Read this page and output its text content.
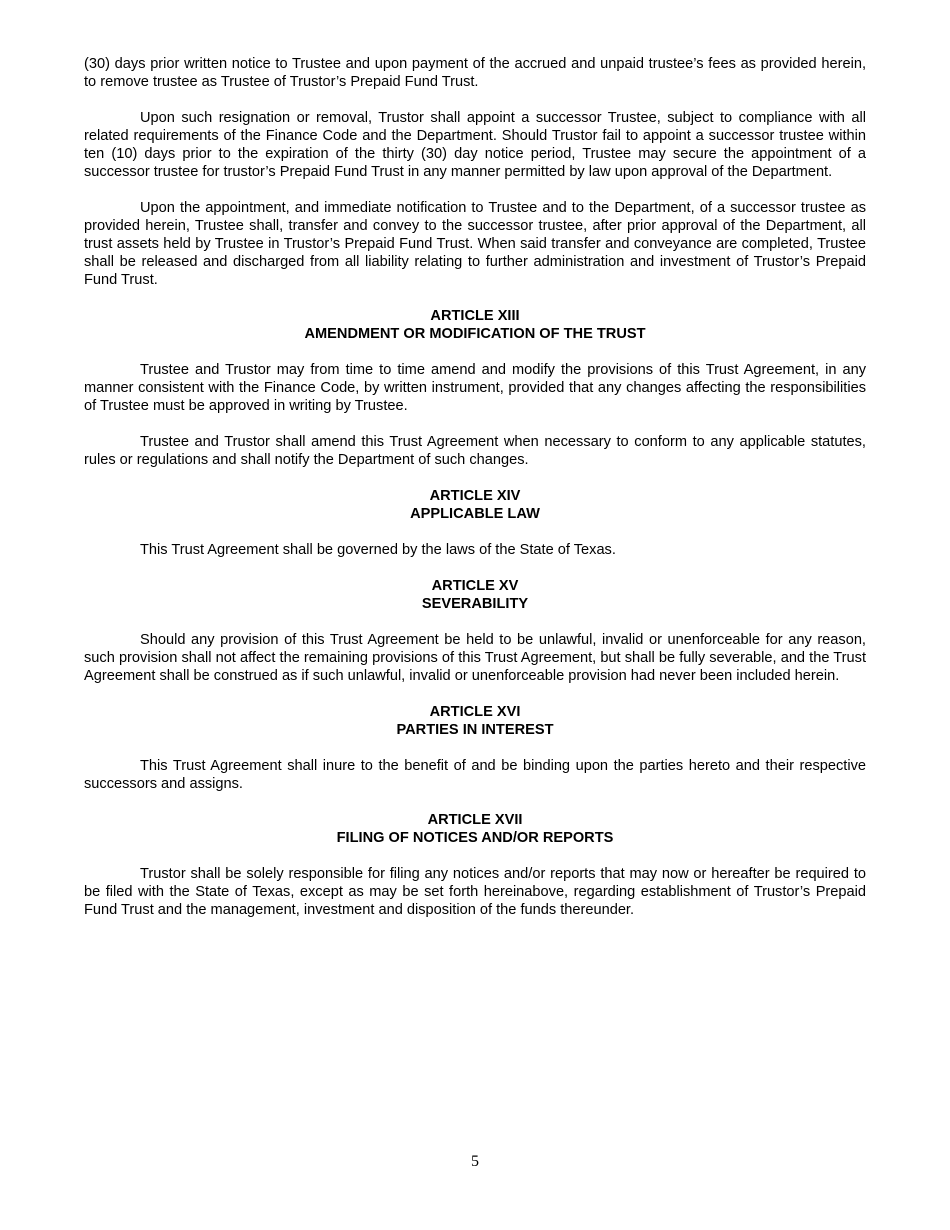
(30) days prior written notice to Trustee and upon payment of the accrued and unpaid trustee’s fees as provided herein, to remove trustee as Trustee of Trustor’s Prepaid Fund Trust.

Upon such resignation or removal, Trustor shall appoint a successor Trustee, subject to compliance with all related requirements of the Finance Code and the Department. Should Trustor fail to appoint a successor trustee within ten (10) days prior to the expiration of the thirty (30) day notice period, Trustee may secure the appointment of a successor trustee for trustor’s Prepaid Fund Trust in any manner permitted by law upon approval of the Department.

Upon the appointment, and immediate notification to Trustee and to the Department, of a successor trustee as provided herein, Trustee shall, transfer and convey to the successor trustee, after prior approval of the Department, all trust assets held by Trustee in Trustor’s Prepaid Fund Trust. When said transfer and conveyance are completed, Trustee shall be released and discharged from all liability relating to further administration and investment of Trustor’s Prepaid Fund Trust.

ARTICLE XIII
AMENDMENT OR MODIFICATION OF THE TRUST

Trustee and Trustor may from time to time amend and modify the provisions of this Trust Agreement, in any manner consistent with the Finance Code, by written instrument, provided that any changes affecting the responsibilities of Trustee must be approved in writing by Trustee.

Trustee and Trustor shall amend this Trust Agreement when necessary to conform to any applicable statutes, rules or regulations and shall notify the Department of such changes.

ARTICLE XIV
APPLICABLE LAW

This Trust Agreement shall be governed by the laws of the State of Texas.

ARTICLE XV
SEVERABILITY

Should any provision of this Trust Agreement be held to be unlawful, invalid or unenforceable for any reason, such provision shall not affect the remaining provisions of this Trust Agreement, but shall be fully severable, and the Trust Agreement shall be construed as if such unlawful, invalid or unenforceable provision had never been included herein.

ARTICLE XVI
PARTIES IN INTEREST

This Trust Agreement shall inure to the benefit of and be binding upon the parties hereto and their respective successors and assigns.

ARTICLE XVII
FILING OF NOTICES AND/OR REPORTS

Trustor shall be solely responsible for filing any notices and/or reports that may now or hereafter be required to be filed with the State of Texas, except as may be set forth hereinabove, regarding establishment of Trustor’s Prepaid Fund Trust and the management, investment and disposition of the funds thereunder.

5
